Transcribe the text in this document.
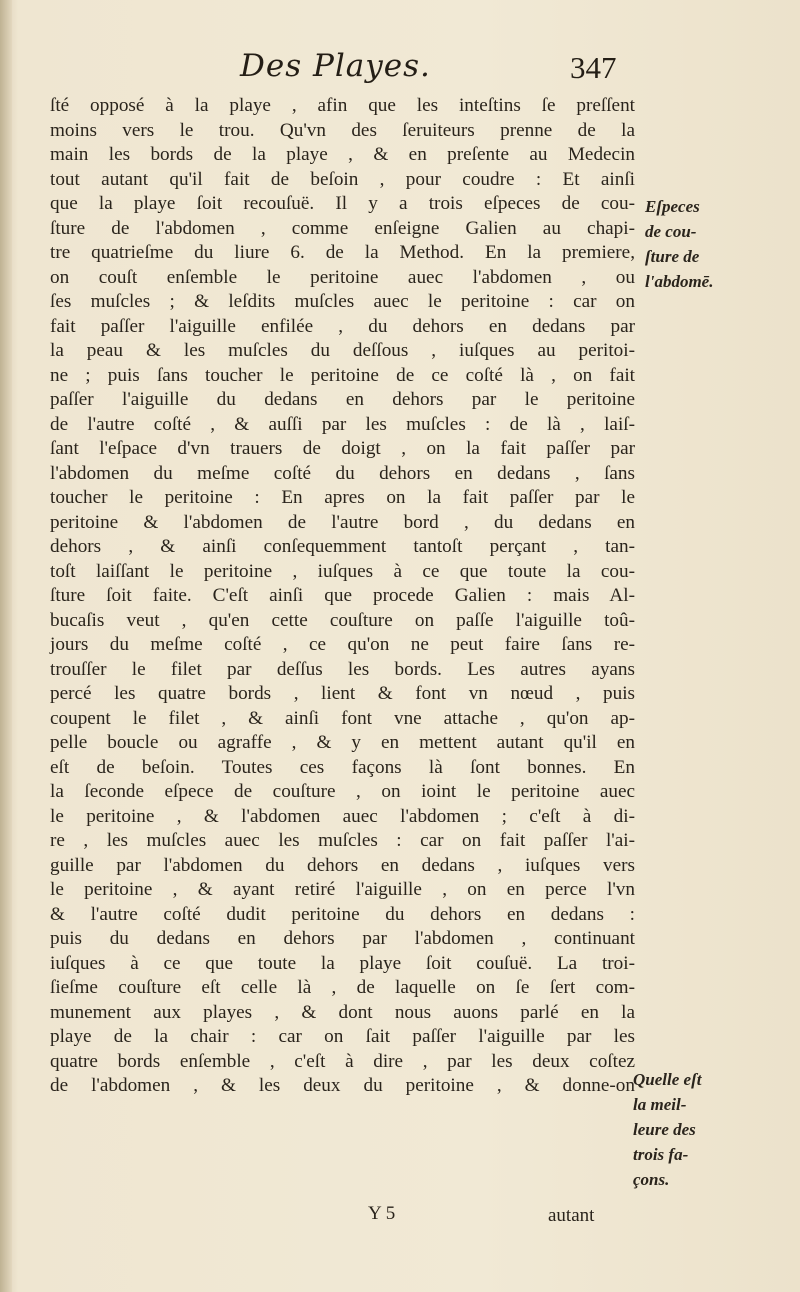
Des Playes.	347
ſté opposé à la playe , afin que les inteſtins ſe preſſent
moins vers le trou. Qu'vn des ſeruiteurs prenne de la
main les bords de la playe , & en preſente au Medecin
tout autant qu'il fait de beſoin , pour coudre : Et ainſi
que la playe ſoit recouſuë. Il y a trois eſpeces de cou-
ſture de l'abdomen , comme enſeigne Galien au chapi-
tre quatrieſme du liure 6. de la Method. En la premiere,
on couſt enſemble le peritoine auec l'abdomen , ou
ſes muſcles ; & leſdits muſcles auec le peritoine : car on
fait paſſer l'aiguille enfilée , du dehors en dedans par
la peau & les muſcles du deſſous , iuſques au peritoi-
ne ; puis ſans toucher le peritoine de ce coſté là , on fait
paſſer l'aiguille du dedans en dehors par le peritoine
de l'autre coſté , & auſſi par les muſcles : de là , laiſ-
ſant l'eſpace d'vn trauers de doigt , on la fait paſſer par
l'abdomen du meſme coſté du dehors en dedans , ſans
toucher le peritoine : En apres on la fait paſſer par le
peritoine & l'abdomen de l'autre bord , du dedans en
dehors , & ainſi conſequemment tantoſt perçant , tan-
toſt laiſſant le peritoine , iuſques à ce que toute la cou-
ſture ſoit faite. C'eſt ainſi que procede Galien : mais Al-
bucaſis veut , qu'en cette couſture on paſſe l'aiguille toû-
jours du meſme coſté , ce qu'on ne peut faire ſans re-
trouſſer le filet par deſſus les bords. Les autres ayans
percé les quatre bords , lient & font vn nœud , puis
coupent le filet , & ainſi font vne attache , qu'on ap-
pelle boucle ou agraffe , & y en mettent autant qu'il en
eſt de beſoin. Toutes ces façons là ſont bonnes. En
la ſeconde eſpece de couſture , on ioint le peritoine auec
le peritoine , & l'abdomen auec l'abdomen ; c'eſt à di-
re , les muſcles auec les muſcles : car on fait paſſer l'ai-
guille par l'abdomen du dehors en dedans , iuſques vers
le peritoine , & ayant retiré l'aiguille , on en perce l'vn
& l'autre coſté dudit peritoine du dehors en dedans :
puis du dedans en dehors par l'abdomen , continuant
iuſques à ce que toute la playe ſoit couſuë. La troi-
ſieſme couſture eſt celle là , de laquelle on ſe ſert com-
munement aux playes , & dont nous auons parlé en la
playe de la chair : car on ſait paſſer l'aiguille par les
quatre bords enſemble , c'eſt à dire , par les deux coſtez
de l'abdomen , & les deux du peritoine , & donne-on
Eſpeces
de cou-
ſture de
l'abdomē.
Quelle eſt
la meil-
leure des
trois fa-
çons.
Y 5	autant
